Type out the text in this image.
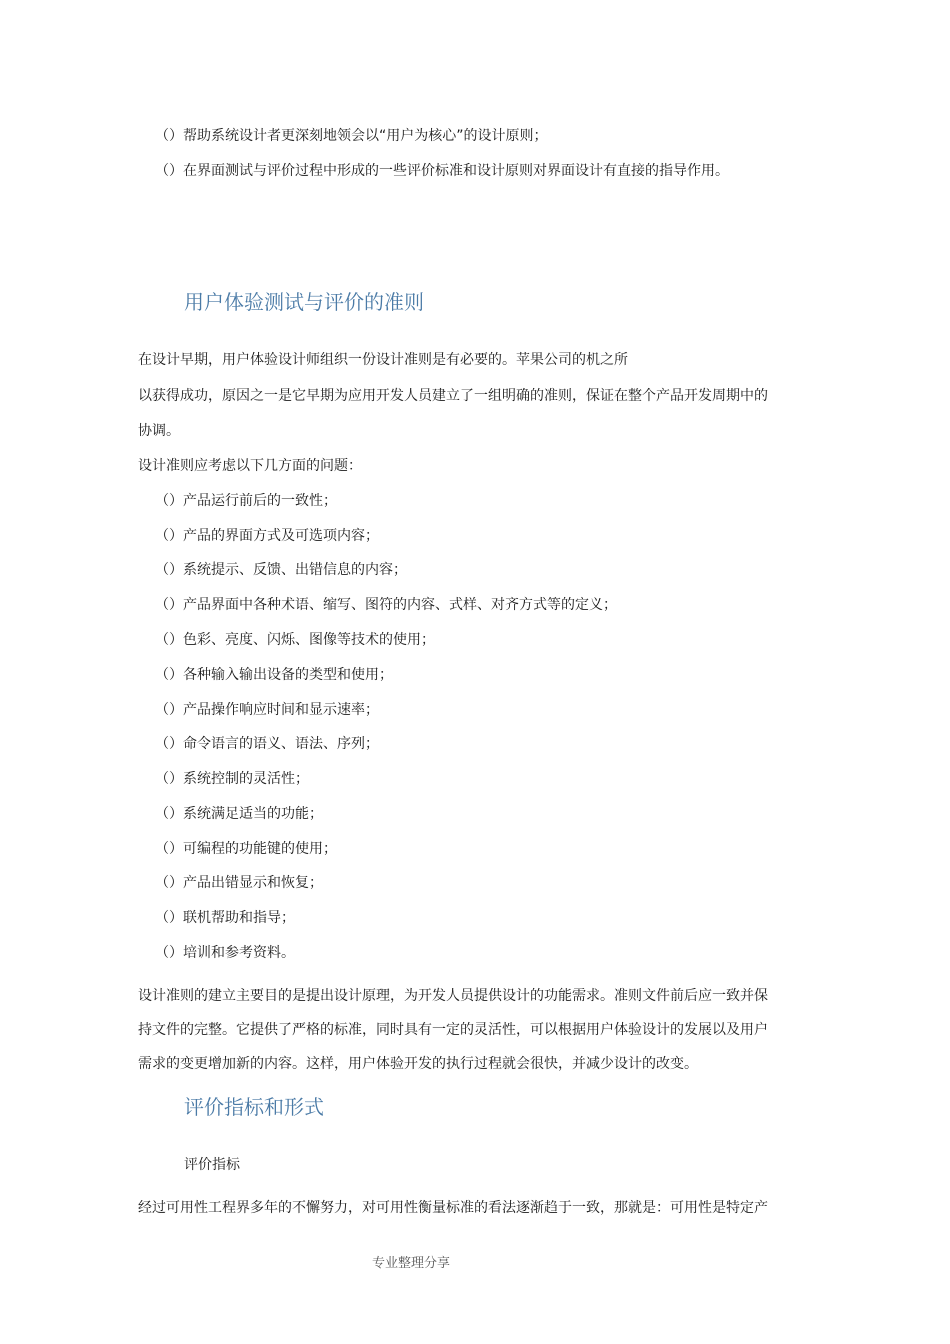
（）帮助系统设计者更深刻地领会以“用户为核心”的设计原则；
（）在界面测试与评价过程中形成的一些评价标准和设计原则对界面设计有直接的指导作用。
用户体验测试与评价的准则
在设计早期，用户体验设计师组织一份设计准则是有必要的。苹果公司的机之所
以获得成功，原因之一是它早期为应用开发人员建立了一组明确的准则，保证在整个产品开发周期中的
协调。
设计准则应考虑以下几方面的问题：
（）产品运行前后的一致性；
（）产品的界面方式及可选项内容；
（）系统提示、反馈、出错信息的内容；
（）产品界面中各种术语、缩写、图符的内容、式样、对齐方式等的定义；
（）色彩、亮度、闪烁、图像等技术的使用；
（）各种输入输出设备的类型和使用；
（）产品操作响应时间和显示速率；
（）命令语言的语义、语法、序列；
（）系统控制的灵活性；
（）系统满足适当的功能；
（）可编程的功能键的使用；
（）产品出错显示和恢复；
（）联机帮助和指导；
（）培训和参考资料。
设计准则的建立主要目的是提出设计原理，为开发人员提供设计的功能需求。准则文件前后应一致并保
持文件的完整。它提供了严格的标准，同时具有一定的灵活性，可以根据用户体验设计的发展以及用户
需求的变更增加新的内容。这样，用户体验开发的执行过程就会很快，并减少设计的改变。
评价指标和形式
评价指标
经过可用性工程界多年的不懈努力，对可用性衡量标准的看法逐渐趋于一致，那就是：可用性是特定产
专业整理分享
